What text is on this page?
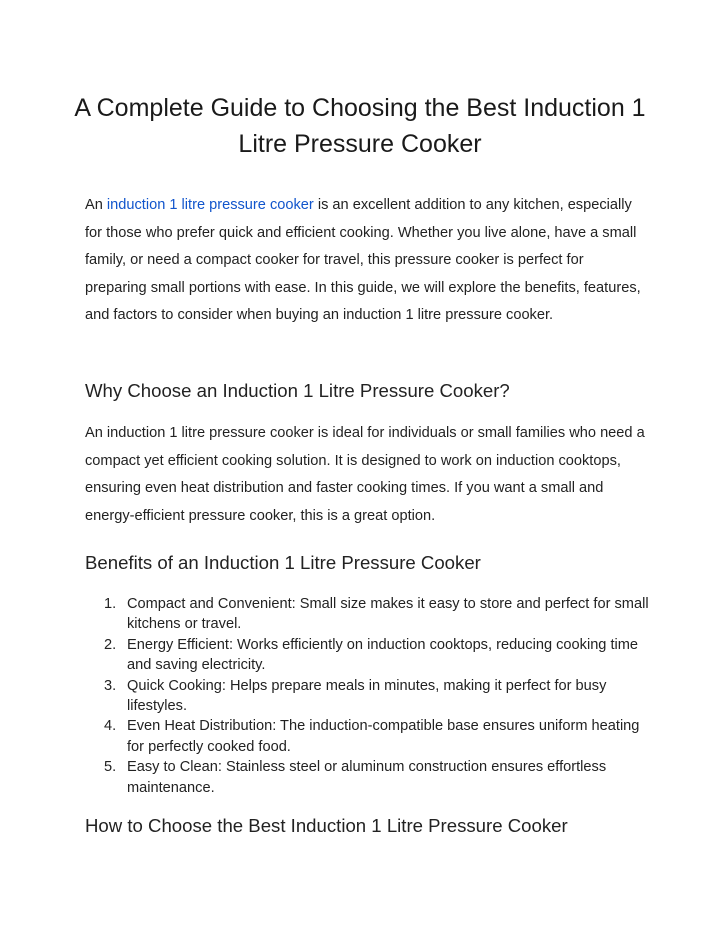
A Complete Guide to Choosing the Best Induction 1 Litre Pressure Cooker

An induction 1 litre pressure cooker is an excellent addition to any kitchen, especially for those who prefer quick and efficient cooking. Whether you live alone, have a small family, or need a compact cooker for travel, this pressure cooker is perfect for preparing small portions with ease. In this guide, we will explore the benefits, features, and factors to consider when buying an induction 1 litre pressure cooker.

Why Choose an Induction 1 Litre Pressure Cooker?

An induction 1 litre pressure cooker is ideal for individuals or small families who need a compact yet efficient cooking solution. It is designed to work on induction cooktops, ensuring even heat distribution and faster cooking times. If you want a small and energy-efficient pressure cooker, this is a great option.

Benefits of an Induction 1 Litre Pressure Cooker
1. Compact and Convenient: Small size makes it easy to store and perfect for small kitchens or travel.
2. Energy Efficient: Works efficiently on induction cooktops, reducing cooking time and saving electricity.
3. Quick Cooking: Helps prepare meals in minutes, making it perfect for busy lifestyles.
4. Even Heat Distribution: The induction-compatible base ensures uniform heating for perfectly cooked food.
5. Easy to Clean: Stainless steel or aluminum construction ensures effortless maintenance.
How to Choose the Best Induction 1 Litre Pressure Cooker
